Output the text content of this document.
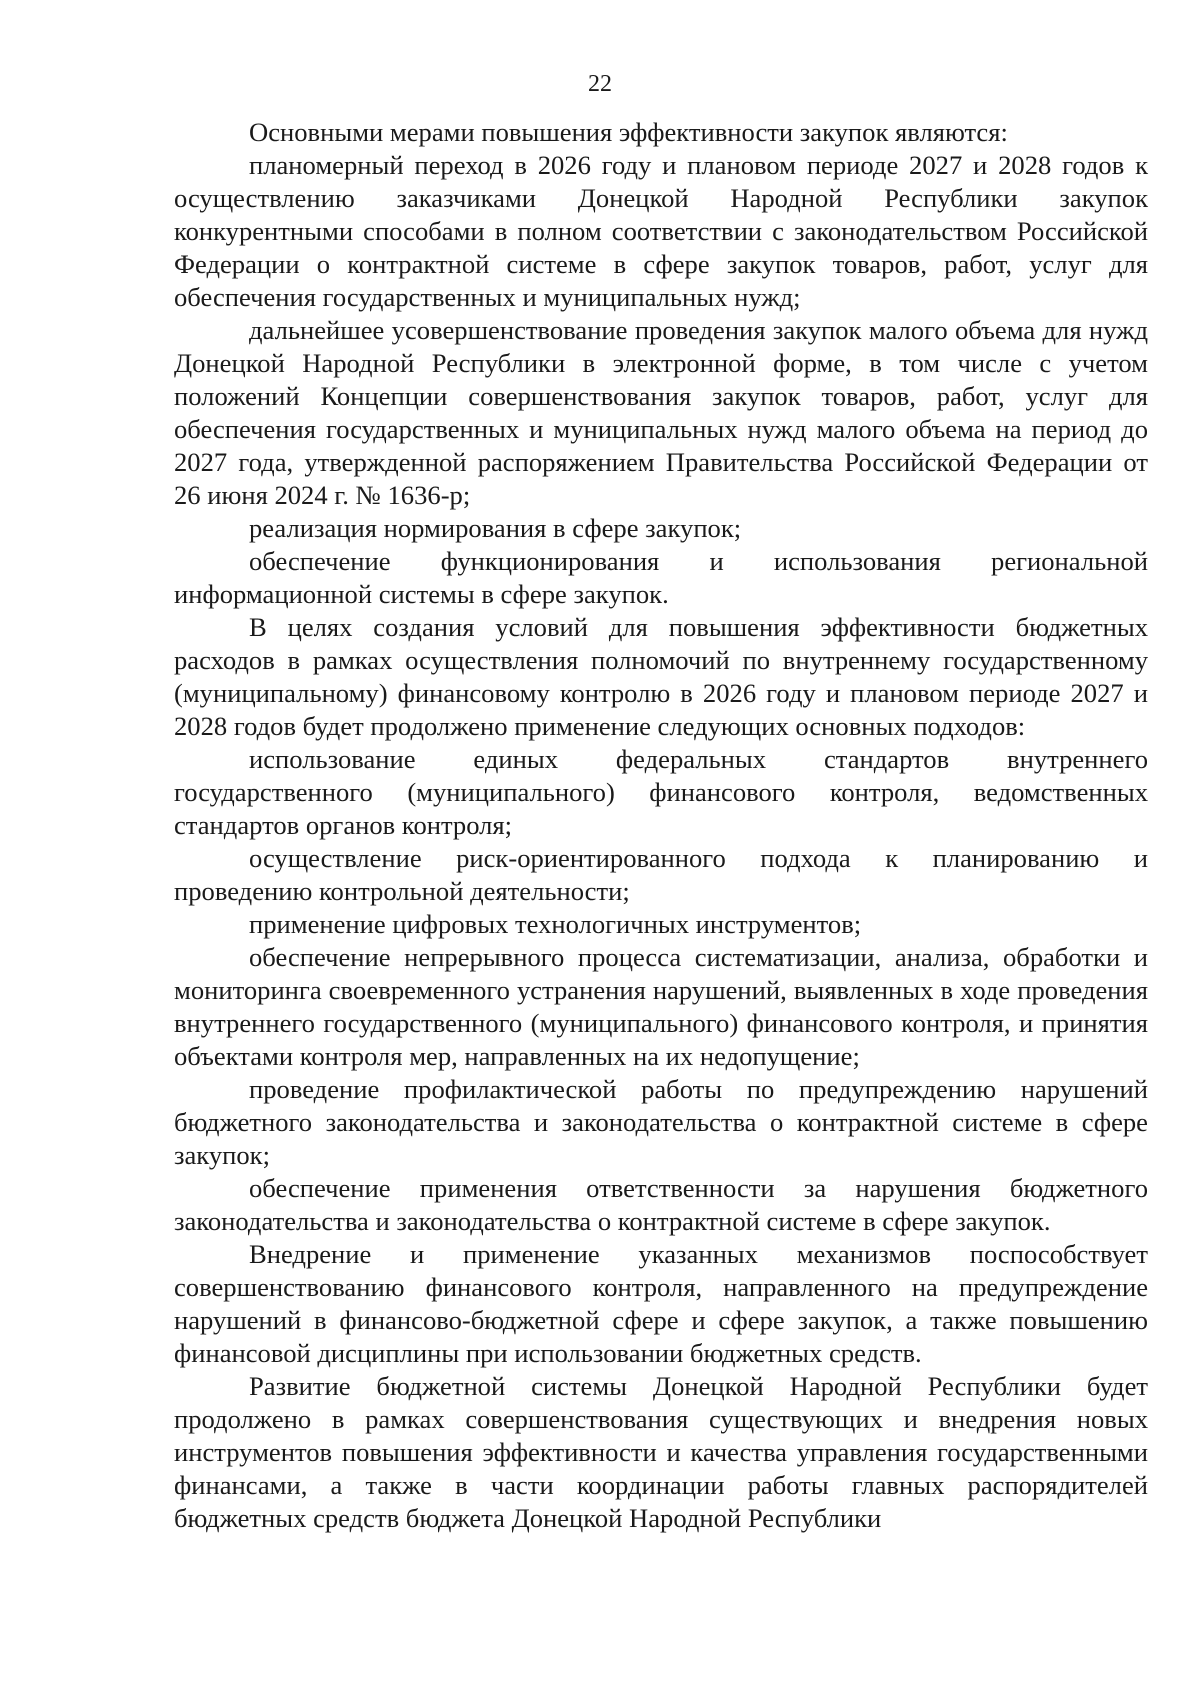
22

Основными мерами повышения эффективности закупок являются:

планомерный переход в 2026 году и плановом периоде 2027 и 2028 годов к осуществлению заказчиками Донецкой Народной Республики закупок конкурентными способами в полном соответствии с законодательством Российской Федерации о контрактной системе в сфере закупок товаров, работ, услуг для обеспечения государственных и муниципальных нужд;

дальнейшее усовершенствование проведения закупок малого объема для нужд Донецкой Народной Республики в электронной форме, в том числе с учетом положений Концепции совершенствования закупок товаров, работ, услуг для обеспечения государственных и муниципальных нужд малого объема на период до 2027 года, утвержденной распоряжением Правительства Российской Федерации от 26 июня 2024 г. № 1636-р;

реализация нормирования в сфере закупок;

обеспечение функционирования и использования региональной информационной системы в сфере закупок.

В целях создания условий для повышения эффективности бюджетных расходов в рамках осуществления полномочий по внутреннему государственному (муниципальному) финансовому контролю в 2026 году и плановом периоде 2027 и 2028 годов будет продолжено применение следующих основных подходов:

использование единых федеральных стандартов внутреннего государственного (муниципального) финансового контроля, ведомственных стандартов органов контроля;

осуществление риск-ориентированного подхода к планированию и проведению контрольной деятельности;

применение цифровых технологичных инструментов;

обеспечение непрерывного процесса систематизации, анализа, обработки и мониторинга своевременного устранения нарушений, выявленных в ходе проведения внутреннего государственного (муниципального) финансового контроля, и принятия объектами контроля мер, направленных на их недопущение;

проведение профилактической работы по предупреждению нарушений бюджетного законодательства и законодательства о контрактной системе в сфере закупок;

обеспечение применения ответственности за нарушения бюджетного законодательства и законодательства о контрактной системе в сфере закупок.

Внедрение и применение указанных механизмов поспособствует совершенствованию финансового контроля, направленного на предупреждение нарушений в финансово-бюджетной сфере и сфере закупок, а также повышению финансовой дисциплины при использовании бюджетных средств.

Развитие бюджетной системы Донецкой Народной Республики будет продолжено в рамках совершенствования существующих и внедрения новых инструментов повышения эффективности и качества управления государственными финансами, а также в части координации работы главных распорядителей бюджетных средств бюджета Донецкой Народной Республики
